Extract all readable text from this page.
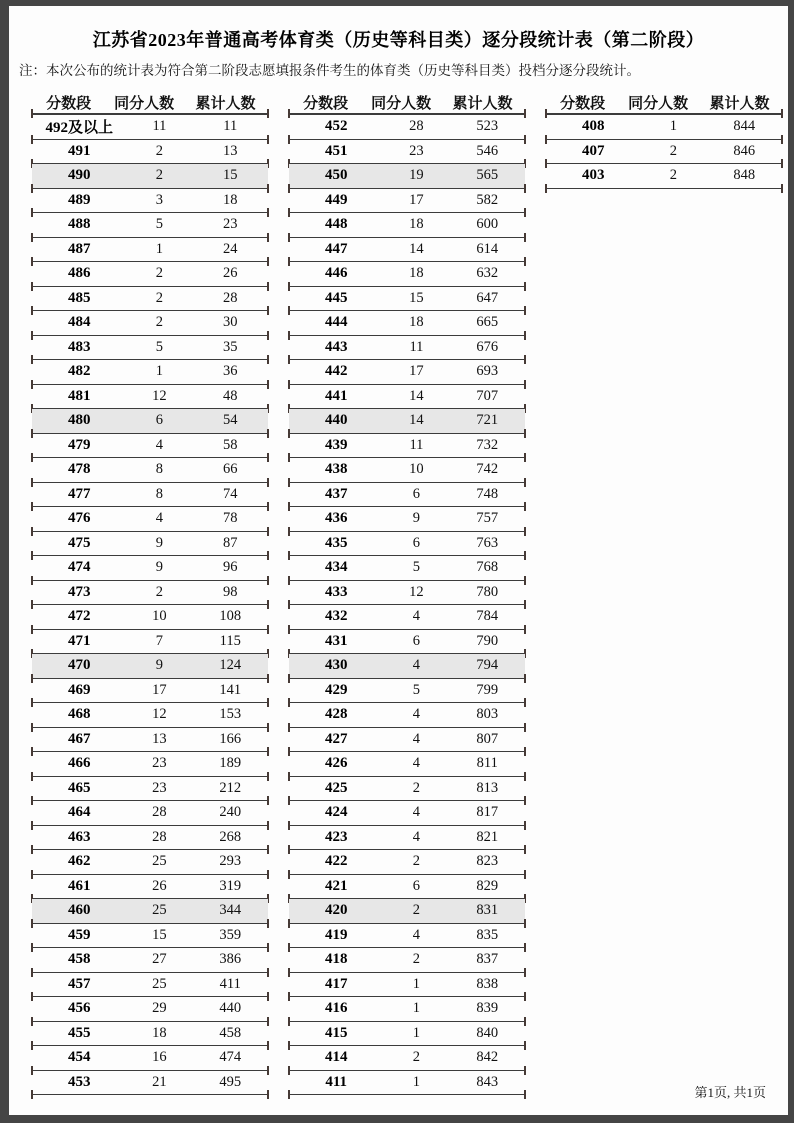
江苏省2023年普通高考体育类（历史等科目类）逐分段统计表（第二阶段）
注：本次公布的统计表为符合第二阶段志愿填报条件考生的体育类（历史等科目类）投档分逐分段统计。
分数段	同分人数	累计人数
492及以上	11	11
491	2	13
490	2	15
489	3	18
488	5	23
487	1	24
486	2	26
485	2	28
484	2	30
483	5	35
482	1	36
481	12	48
480	6	54
479	4	58
478	8	66
477	8	74
476	4	78
475	9	87
474	9	96
473	2	98
472	10	108
471	7	115
470	9	124
469	17	141
468	12	153
467	13	166
466	23	189
465	23	212
464	28	240
463	28	268
462	25	293
461	26	319
460	25	344
459	15	359
458	27	386
457	25	411
456	29	440
455	18	458
454	16	474
453	21	495
分数段	同分人数	累计人数
452	28	523
451	23	546
450	19	565
449	17	582
448	18	600
447	14	614
446	18	632
445	15	647
444	18	665
443	11	676
442	17	693
441	14	707
440	14	721
439	11	732
438	10	742
437	6	748
436	9	757
435	6	763
434	5	768
433	12	780
432	4	784
431	6	790
430	4	794
429	5	799
428	4	803
427	4	807
426	4	811
425	2	813
424	4	817
423	4	821
422	2	823
421	6	829
420	2	831
419	4	835
418	2	837
417	1	838
416	1	839
415	1	840
414	2	842
411	1	843
分数段	同分人数	累计人数
408	1	844
407	2	846
403	2	848
第1页, 共1页
